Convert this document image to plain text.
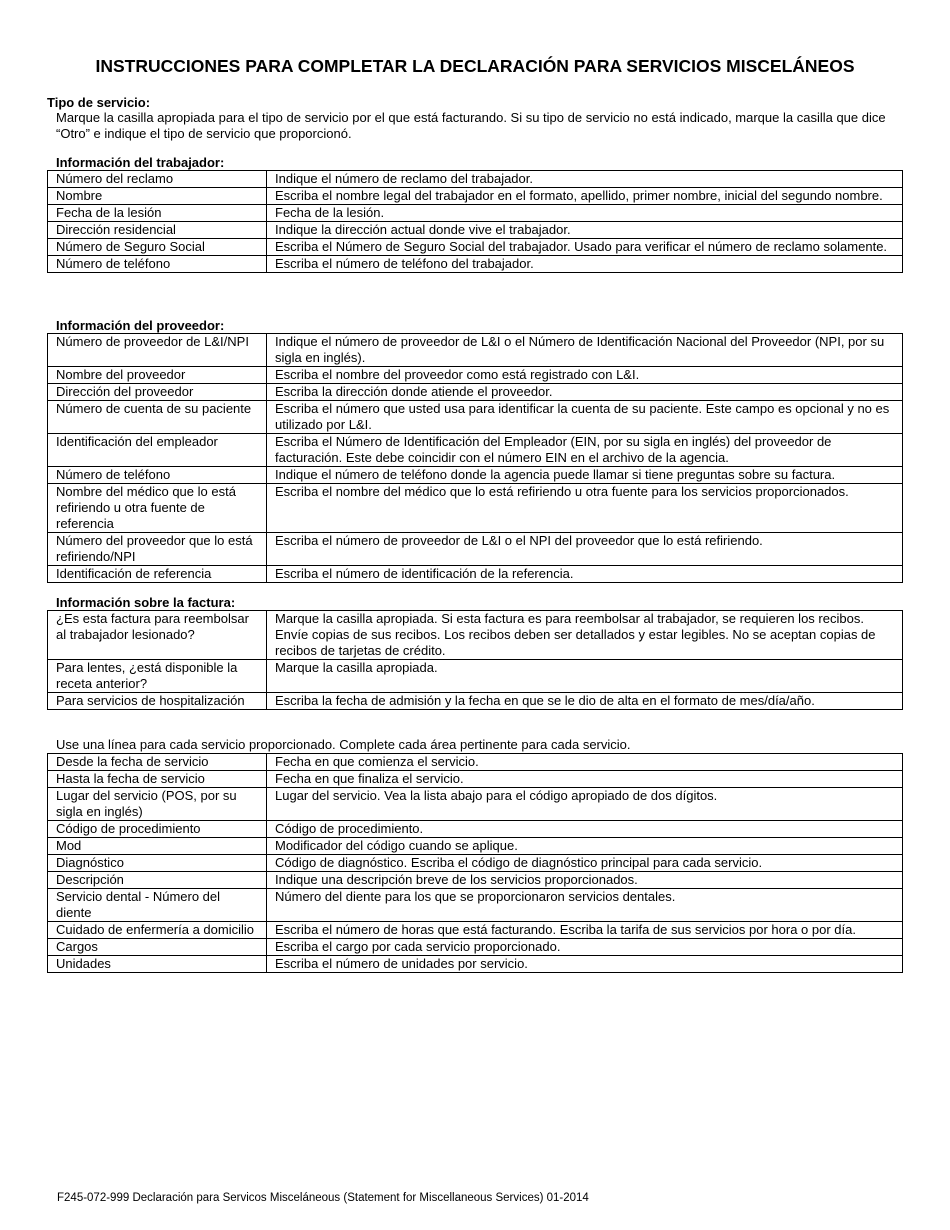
INSTRUCCIONES PARA COMPLETAR LA DECLARACIÓN PARA SERVICIOS MISCELÁNEOS
Tipo de servicio:
Marque la casilla apropiada para el tipo de servicio por el que está facturando. Si su tipo de servicio no está indicado, marque la casilla que dice “Otro” e indique el tipo de servicio que proporcionó.
Información del trabajador:
Número del reclamo	Indique el número de reclamo del trabajador.
Nombre	Escriba el nombre legal del trabajador en el formato, apellido, primer nombre, inicial del segundo nombre.
Fecha de la lesión	Fecha de la lesión.
Dirección residencial	Indique la dirección actual donde vive el trabajador.
Número de Seguro Social	Escriba el Número de Seguro Social del trabajador. Usado para verificar el número de reclamo solamente.
Número de teléfono	Escriba el número de teléfono del trabajador.
Información del proveedor:
Número de proveedor de L&I/NPI	Indique el número de proveedor de L&I o el Número de Identificación Nacional del Proveedor (NPI, por su sigla en inglés).
Nombre del proveedor	Escriba el nombre del proveedor como está registrado con L&I.
Dirección del proveedor	Escriba la dirección donde atiende el proveedor.
Número de cuenta de su paciente	Escriba el número que usted usa para identificar la cuenta de su paciente. Este campo es opcional y no es utilizado por L&I.
Identificación del empleador	Escriba el Número de Identificación del Empleador (EIN, por su sigla en inglés) del proveedor de facturación. Este debe coincidir con el número EIN en el archivo de la agencia.
Número de teléfono	Indique el número de teléfono donde la agencia puede llamar si tiene preguntas sobre su factura.
Nombre del médico que lo está refiriendo u otra fuente de referencia	Escriba el nombre del médico que lo está refiriendo u otra fuente para los servicios proporcionados.
Número del proveedor que lo está refiriendo/NPI	Escriba el número de proveedor de L&I o el NPI del proveedor que lo está refiriendo.
Identificación de referencia	Escriba el número de identificación de la referencia.
Información sobre la factura:
¿Es esta factura para reembolsar al trabajador lesionado?	Marque la casilla apropiada. Si esta factura es para reembolsar al trabajador, se requieren los recibos. Envíe copias de sus recibos. Los recibos deben ser detallados y estar legibles. No se aceptan copias de recibos de tarjetas de crédito.
Para lentes, ¿está disponible la receta anterior?	Marque la casilla apropiada.
Para servicios de hospitalización	Escriba la fecha de admisión y la fecha en que se le dio de alta en el formato de mes/día/año.
Use una línea para cada servicio proporcionado. Complete cada área pertinente para cada servicio.
Desde la fecha de servicio	Fecha en que comienza el servicio.
Hasta la fecha de servicio	Fecha en que finaliza el servicio.
Lugar del servicio (POS, por su sigla en inglés)	Lugar del servicio. Vea la lista abajo para el código apropiado de dos dígitos.
Código de procedimiento	Código de procedimiento.
Mod	Modificador del código cuando se aplique.
Diagnóstico	Código de diagnóstico. Escriba el código de diagnóstico principal para cada servicio.
Descripción	Indique una descripción breve de los servicios proporcionados.
Servicio dental - Número del diente	Número del diente para los que se proporcionaron servicios dentales.
Cuidado de enfermería a domicilio	Escriba el número de horas que está facturando. Escriba la tarifa de sus servicios por hora o por día.
Cargos	Escriba el cargo por cada servicio proporcionado.
Unidades	Escriba el número de unidades por servicio.
F245-072-999 Declaración para Servicos Misceláneous (Statement for Miscellaneous Services) 01-2014
